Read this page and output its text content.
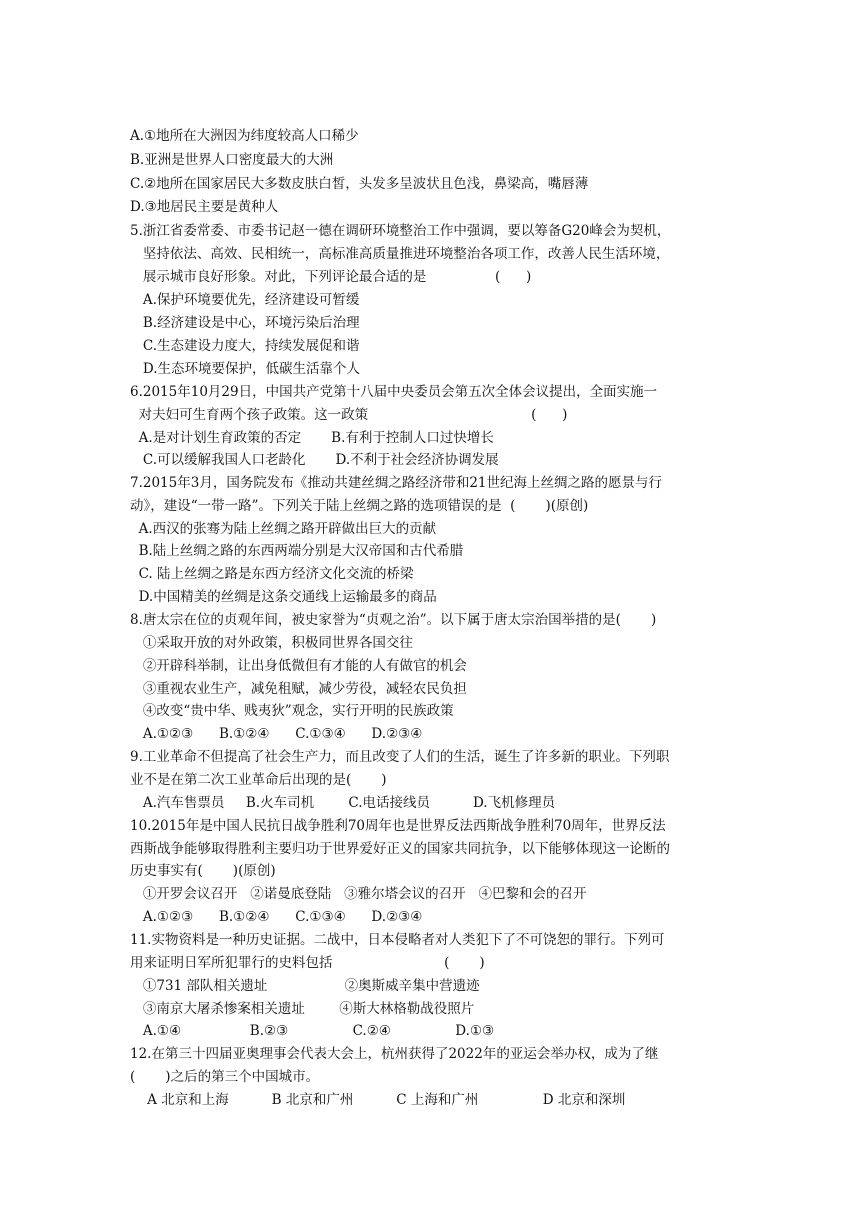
A.①地所在大洲因为纬度较高人口稀少
B.亚洲是世界人口密度最大的大洲
C.②地所在国家居民大多数皮肤白皙，头发多呈波状且色浅，鼻梁高，嘴唇薄
D.③地居民主要是黄种人
5.浙江省委常委、市委书记赵一德在调研环境整治工作中强调，要以筹备G20峰会为契机，
坚持依法、高效、民相统一，高标准高质量推进环境整治各项工作，改善人民生活环境，
展示城市良好形象。对此，下列评论最合适的是                (      )
A.保护环境要优先，经济建设可暂缓
B.经济建设是中心，环境污染后治理
C.生态建设力度大，持续发展促和谐
D.生态环境要保护，低碳生活靠个人
6.2015年10月29日，中国共产党第十八届中央委员会第五次全体会议提出，全面实施一
对夫妇可生育两个孩子政策。这一政策                                      (      )
A.是对计划生育政策的否定       B.有利于控制人口过快增长
C.可以缓解我国人口老龄化       D.不利于社会经济协调发展
7.2015年3月，国务院发布《推动共建丝绸之路经济带和21世纪海上丝绸之路的愿景与行
动》，建设“一带一路”。下列关于陆上丝绸之路的选项错误的是  (       )(原创)
A.西汉的张骞为陆上丝绸之路开辟做出巨大的贡献
B.陆上丝绸之路的东西两端分别是大汉帝国和古代希腊
C. 陆上丝绸之路是东西方经济文化交流的桥梁
D.中国精美的丝绸是这条交通线上运输最多的商品
8.唐太宗在位的贞观年间，被史家誉为“贞观之治”。以下属于唐太宗治国举措的是(       )
①采取开放的对外政策，积极同世界各国交往
②开辟科举制，让出身低微但有才能的人有做官的机会
③重视农业生产，减免租赋，减少劳役，减轻农民负担
④改变“贵中华、贱夷狄”观念，实行开明的民族政策
A.①②③      B.①②④      C.①③④      D.②③④
9.工业革命不但提高了社会生产力，而且改变了人们的生活，诞生了许多新的职业。下列职
业不是在第二次工业革命后出现的是(       )
A.汽车售票员     B.火车司机        C.电话接线员          D.飞机修理员
10.2015年是中国人民抗日战争胜利70周年也是世界反法西斯战争胜利70周年，世界反法
西斯战争能够取得胜利主要归功于世界爱好正义的国家共同抗争，以下能够体现这一论断的
历史事实有(       )(原创)
①开罗会议召开   ②诺曼底登陆   ③雅尔塔会议的召开   ④巴黎和会的召开
A.①②③      B.①②④      C.①③④      D.②③④
11.实物资料是一种历史证据。二战中，日本侵略者对人类犯下了不可饶恕的罪行。下列可
用来证明日军所犯罪行的史料包括                          (       )
①731 部队相关遗址                  ②奥斯威辛集中营遗迹
③南京大屠杀惨案相关遗址        ④斯大林格勒战役照片
A.①④                B.②③               C.②④               D.①③
12.在第三十四届亚奥理事会代表大会上，杭州获得了2022年的亚运会举办权，成为了继
(       )之后的第三个中国城市。
A 北京和上海          B 北京和广州          C 上海和广州               D 北京和深圳
